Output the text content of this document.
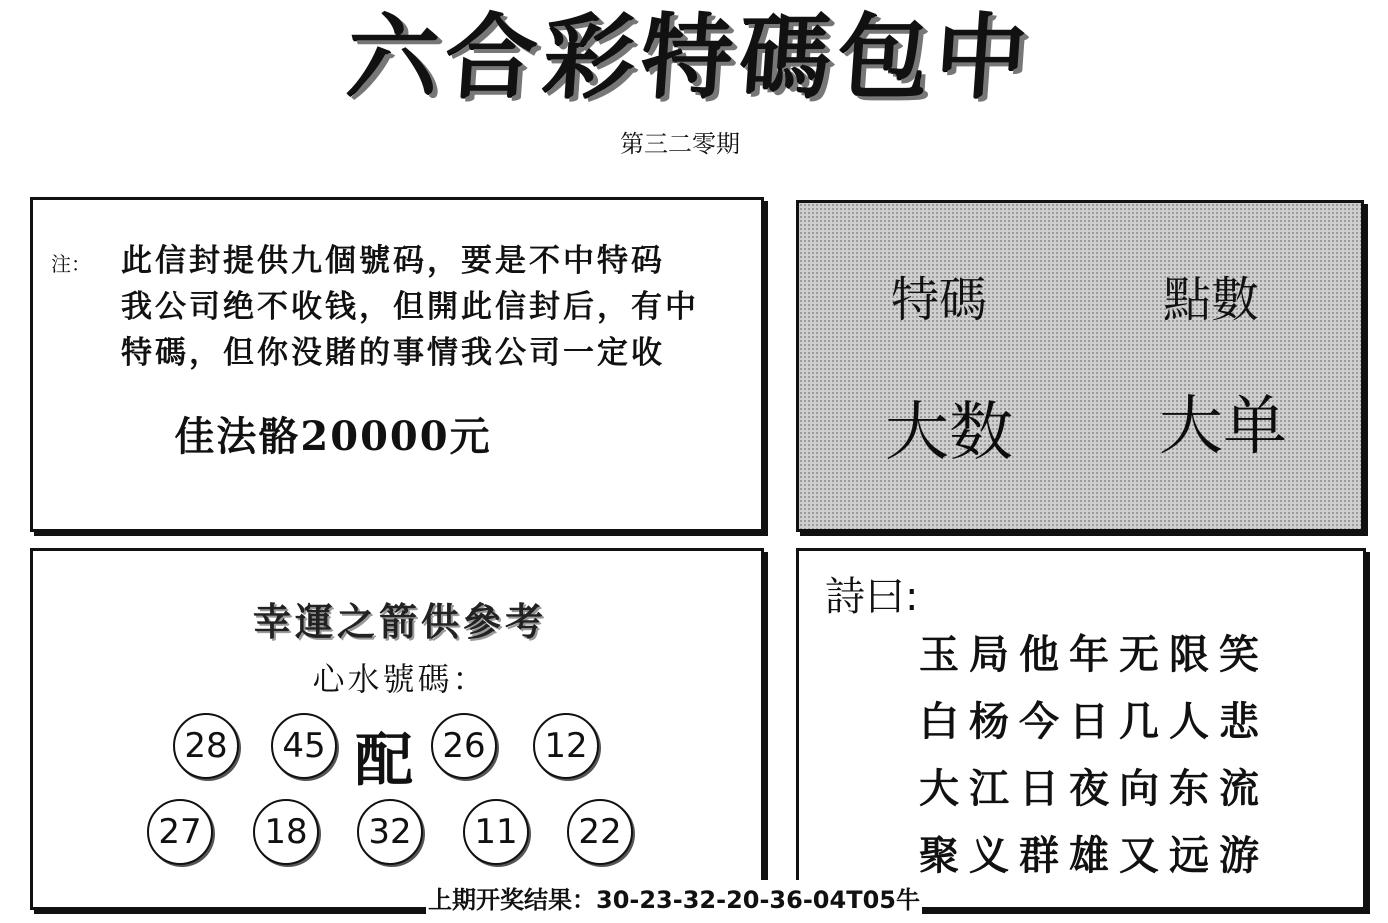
六合彩特碼包中
第三二零期
注： 此信封提供九個號码，要是不中特码
我公司绝不收钱，但開此信封后，有中
特碼，但你没賭的事情我公司一定收
佳法骼20000元
特碼	點數
大数 大单
幸運之箭供參考
心水號碼：
28	45 配 26	12
27	18	32	11	22
詩曰:
玉局他年无限笑
白杨今日几人悲
大江日夜向东流
聚义群雄又远游
上期开奖结果：30-23-32-20-36-04T05牛
